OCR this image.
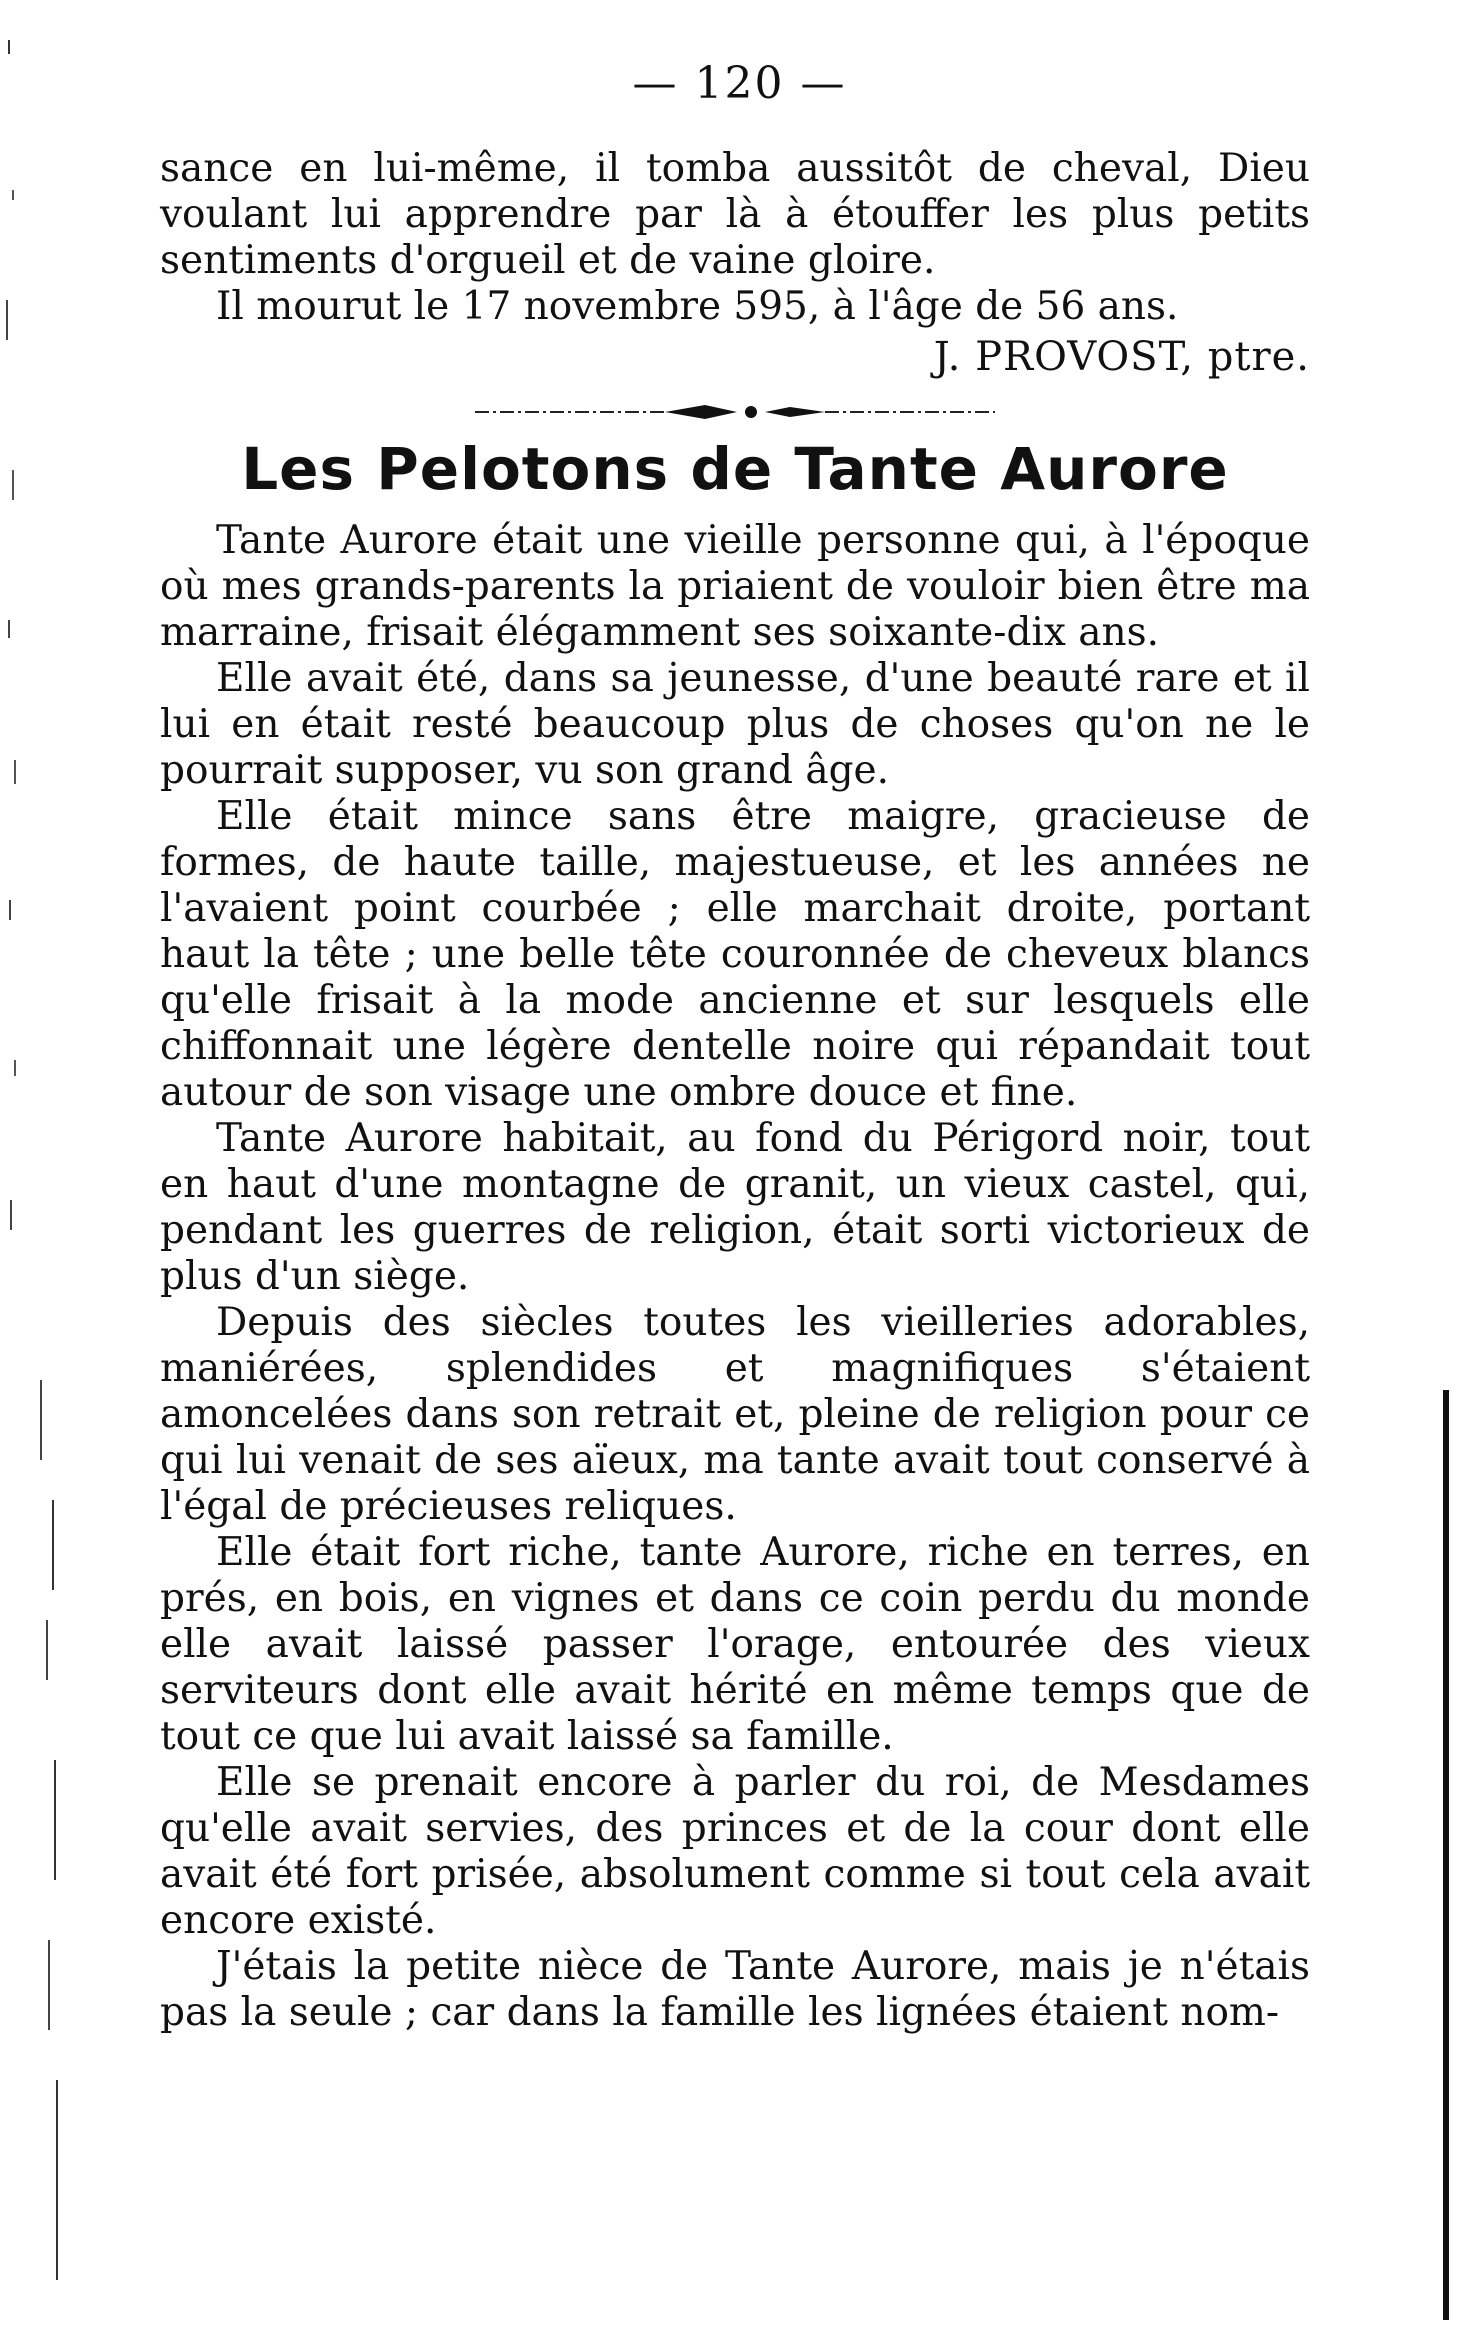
— 120 —

sance en lui-même, il tomba aussitôt de cheval, Dieu voulant lui apprendre par là à étouffer les plus petits sentiments d'orgueil et de vaine gloire.

Il mourut le 17 novembre 595, à l'âge de 56 ans.

J. PROVOST, ptre.

Les Pelotons de Tante Aurore

Tante Aurore était une vieille personne qui, à l'époque où mes grands-parents la priaient de vouloir bien être ma marraine, frisait élégamment ses soixante-dix ans.

Elle avait été, dans sa jeunesse, d'une beauté rare et il lui en était resté beaucoup plus de choses qu'on ne le pourrait supposer, vu son grand âge.

Elle était mince sans être maigre, gracieuse de formes, de haute taille, majestueuse, et les années ne l'avaient point courbée ; elle marchait droite, portant haut la tête ; une belle tête couronnée de cheveux blancs qu'elle frisait à la mode ancienne et sur lesquels elle chiffonnait une légère dentelle noire qui répandait tout autour de son visage une ombre douce et fine.

Tante Aurore habitait, au fond du Périgord noir, tout en haut d'une montagne de granit, un vieux castel, qui, pendant les guerres de religion, était sorti victorieux de plus d'un siège.

Depuis des siècles toutes les vieilleries adorables, maniérées, splendides et magnifiques s'étaient amoncelées dans son retrait et, pleine de religion pour ce qui lui venait de ses aïeux, ma tante avait tout conservé à l'égal de précieuses reliques.

Elle était fort riche, tante Aurore, riche en terres, en prés, en bois, en vignes et dans ce coin perdu du monde elle avait laissé passer l'orage, entourée des vieux serviteurs dont elle avait hérité en même temps que de tout ce que lui avait laissé sa famille.

Elle se prenait encore à parler du roi, de Mesdames qu'elle avait servies, des princes et de la cour dont elle avait été fort prisée, absolument comme si tout cela avait encore existé.

J'étais la petite nièce de Tante Aurore, mais je n'étais pas la seule ; car dans la famille les lignées étaient nom-
